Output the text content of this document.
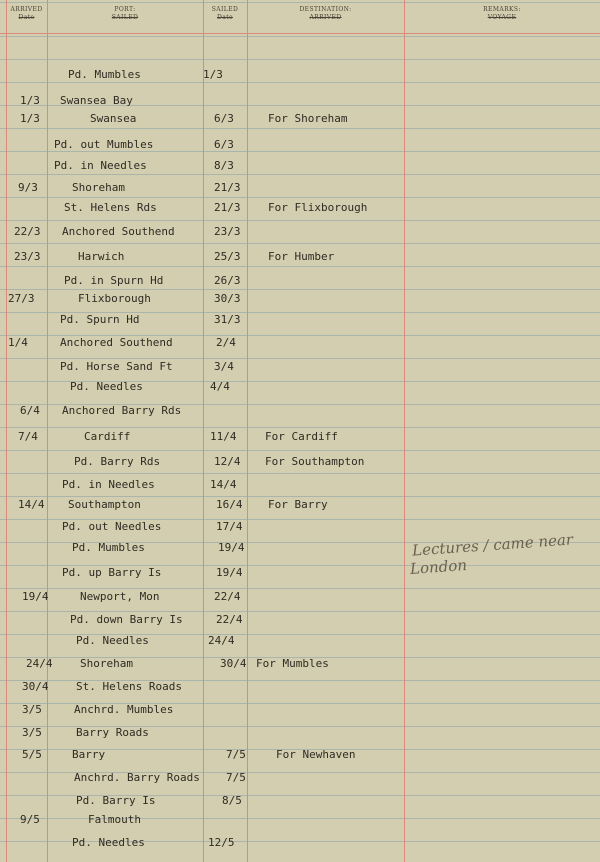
ARRIVED
Date
PORT:
SAILED
SAILED
Date
DESTINATION:
ARRIVED
REMARKS:
VOYAGE
Pd. Mumbles	1/3
1/3 Swansea Bay
1/3	Swansea	6/3	For Shoreham
Pd. out Mumbles	6/3
Pd. in Needles	8/3
9/3	Shoreham	21/3
St. Helens Rds	21/3	For Flixborough
22/3 Anchored Southend	23/3
23/3	Harwich	25/3	For Humber
Pd. in Spurn Hd	26/3
27/3	Flixborough	30/3
Pd. Spurn Hd	31/3
1/4	Anchored Southend	2/4
Pd. Horse Sand Ft	3/4
Pd. Needles	4/4
6/4 Anchored Barry Rds
7/4	Cardiff	11/4	For Cardiff
Pd. Barry Rds	12/4 For Southampton
Pd. in Needles	14/4
14/4 Southampton	16/4 For Barry
Pd. out Needles	17/4
Pd. Mumbles	19/4
Pd. up Barry Is	19/4
19/4	Newport, Mon	22/4
Pd. down Barry Is	22/4
Pd. Needles	24/4
24/4	Shoreham	30/4 For Mumbles
30/4	St. Helens Roads
3/5	Anchrd. Mumbles
3/5	Barry Roads
5/5	Barry	7/5	For Newhaven
Anchrd. Barry Roads 7/5
Pd. Barry Is	8/5
9/5	Falmouth
Pd. Needles	12/5
Lectures / came near
London
